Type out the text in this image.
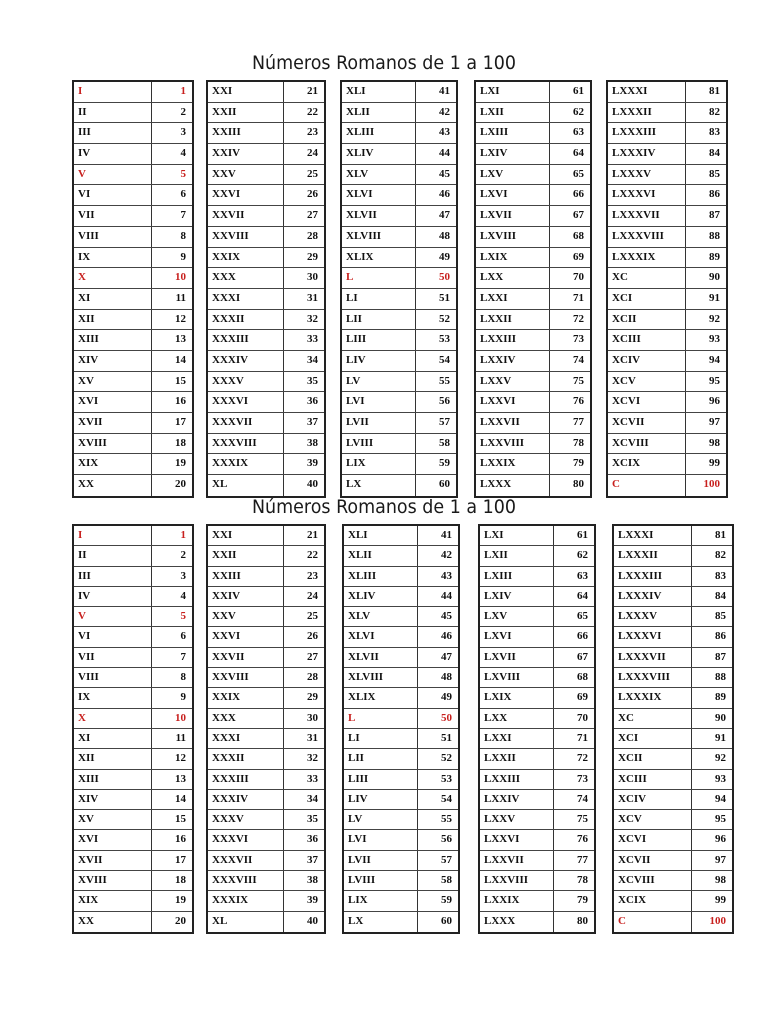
Números Romanos de 1 a 100
I	1
II	2
III	3
IV	4
V	5
VI	6
VII	7
VIII	8
IX	9
X	10
XI	11
XII	12
XIII	13
XIV	14
XV	15
XVI	16
XVII	17
XVIII	18
XIX	19
XX	20
XXI	21
XXII	22
XXIII	23
XXIV	24
XXV	25
XXVI	26
XXVII	27
XXVIII	28
XXIX	29
XXX	30
XXXI	31
XXXII	32
XXXIII	33
XXXIV	34
XXXV	35
XXXVI	36
XXXVII	37
XXXVIII	38
XXXIX	39
XL	40
XLI	41
XLII	42
XLIII	43
XLIV	44
XLV	45
XLVI	46
XLVII	47
XLVIII	48
XLIX	49
L	50
LI	51
LII	52
LIII	53
LIV	54
LV	55
LVI	56
LVII	57
LVIII	58
LIX	59
LX	60
LXI	61
LXII	62
LXIII	63
LXIV	64
LXV	65
LXVI	66
LXVII	67
LXVIII	68
LXIX	69
LXX	70
LXXI	71
LXXII	72
LXXIII	73
LXXIV	74
LXXV	75
LXXVI	76
LXXVII	77
LXXVIII	78
LXXIX	79
LXXX	80
LXXXI	81
LXXXII	82
LXXXIII	83
LXXXIV	84
LXXXV	85
LXXXVI	86
LXXXVII	87
LXXXVIII	88
LXXXIX	89
XC	90
XCI	91
XCII	92
XCIII	93
XCIV	94
XCV	95
XCVI	96
XCVII	97
XCVIII	98
XCIX	99
C	100
Números Romanos de 1 a 100
I	1
II	2
III	3
IV	4
V	5
VI	6
VII	7
VIII	8
IX	9
X	10
XI	11
XII	12
XIII	13
XIV	14
XV	15
XVI	16
XVII	17
XVIII	18
XIX	19
XX	20
XXI	21
XXII	22
XXIII	23
XXIV	24
XXV	25
XXVI	26
XXVII	27
XXVIII	28
XXIX	29
XXX	30
XXXI	31
XXXII	32
XXXIII	33
XXXIV	34
XXXV	35
XXXVI	36
XXXVII	37
XXXVIII	38
XXXIX	39
XL	40
XLI	41
XLII	42
XLIII	43
XLIV	44
XLV	45
XLVI	46
XLVII	47
XLVIII	48
XLIX	49
L	50
LI	51
LII	52
LIII	53
LIV	54
LV	55
LVI	56
LVII	57
LVIII	58
LIX	59
LX	60
LXI	61
LXII	62
LXIII	63
LXIV	64
LXV	65
LXVI	66
LXVII	67
LXVIII	68
LXIX	69
LXX	70
LXXI	71
LXXII	72
LXXIII	73
LXXIV	74
LXXV	75
LXXVI	76
LXXVII	77
LXXVIII	78
LXXIX	79
LXXX	80
LXXXI	81
LXXXII	82
LXXXIII	83
LXXXIV	84
LXXXV	85
LXXXVI	86
LXXXVII	87
LXXXVIII	88
LXXXIX	89
XC	90
XCI	91
XCII	92
XCIII	93
XCIV	94
XCV	95
XCVI	96
XCVII	97
XCVIII	98
XCIX	99
C	100
